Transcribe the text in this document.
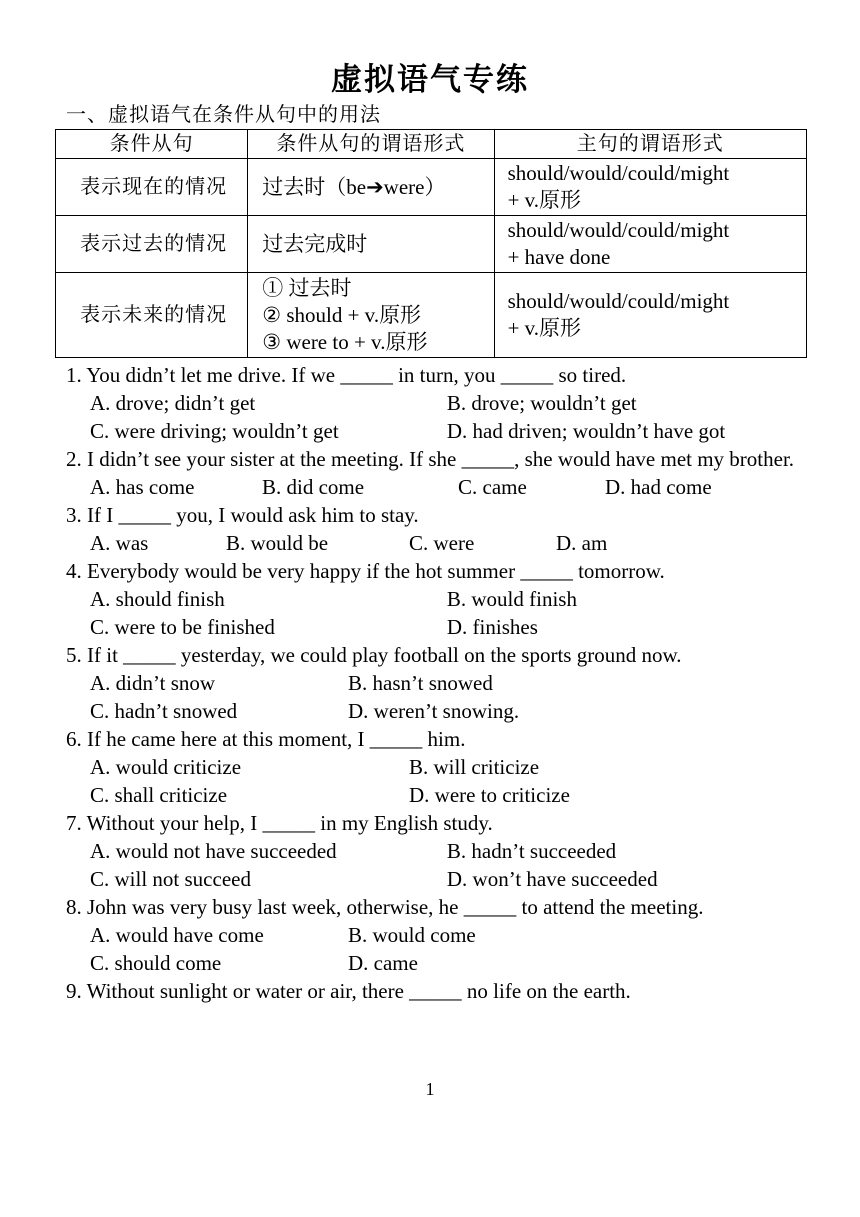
虚拟语气专练
一、虚拟语气在条件从句中的用法
条件从句	条件从句的谓语形式	主句的谓语形式
表示现在的情况	过去时（be➔were）	should/would/could/might
+ v.原形

表示过去的情况	过去完成时	should/would/could/might
+ have done

表示未来的情况	① 过去时
② should + v.原形
③ were to + v.原形	should/would/could/might
+ v.原形
1. You didn’t let me drive. If we _____ in turn, you _____ so tired.
A. drove; didn’t get	B. drove; wouldn’t get
C. were driving; wouldn’t get	D. had driven; wouldn’t have got
2. I didn’t see your sister at the meeting. If she _____, she would have met my brother.
A. has come	B. did come	C. came	D. had come
3. If I _____ you, I would ask him to stay.
A. was	B. would be	C. were	D. am
4. Everybody would be very happy if the hot summer _____ tomorrow.
A. should finish	B. would finish
C. were to be finished	D. finishes
5. If it _____ yesterday, we could play football on the sports ground now.
A. didn’t snow	B. hasn’t snowed
C. hadn’t snowed	D. weren’t snowing.
6. If he came here at this moment, I _____ him.
A. would criticize	B. will criticize
C. shall criticize	D. were to criticize
7. Without your help, I _____ in my English study.
A. would not have succeeded	B. hadn’t succeeded
C. will not succeed	D. won’t have succeeded
8. John was very busy last week, otherwise, he _____ to attend the meeting.
A. would have come	B. would come
C. should come	D. came
9. Without sunlight or water or air, there _____ no life on the earth.
1
